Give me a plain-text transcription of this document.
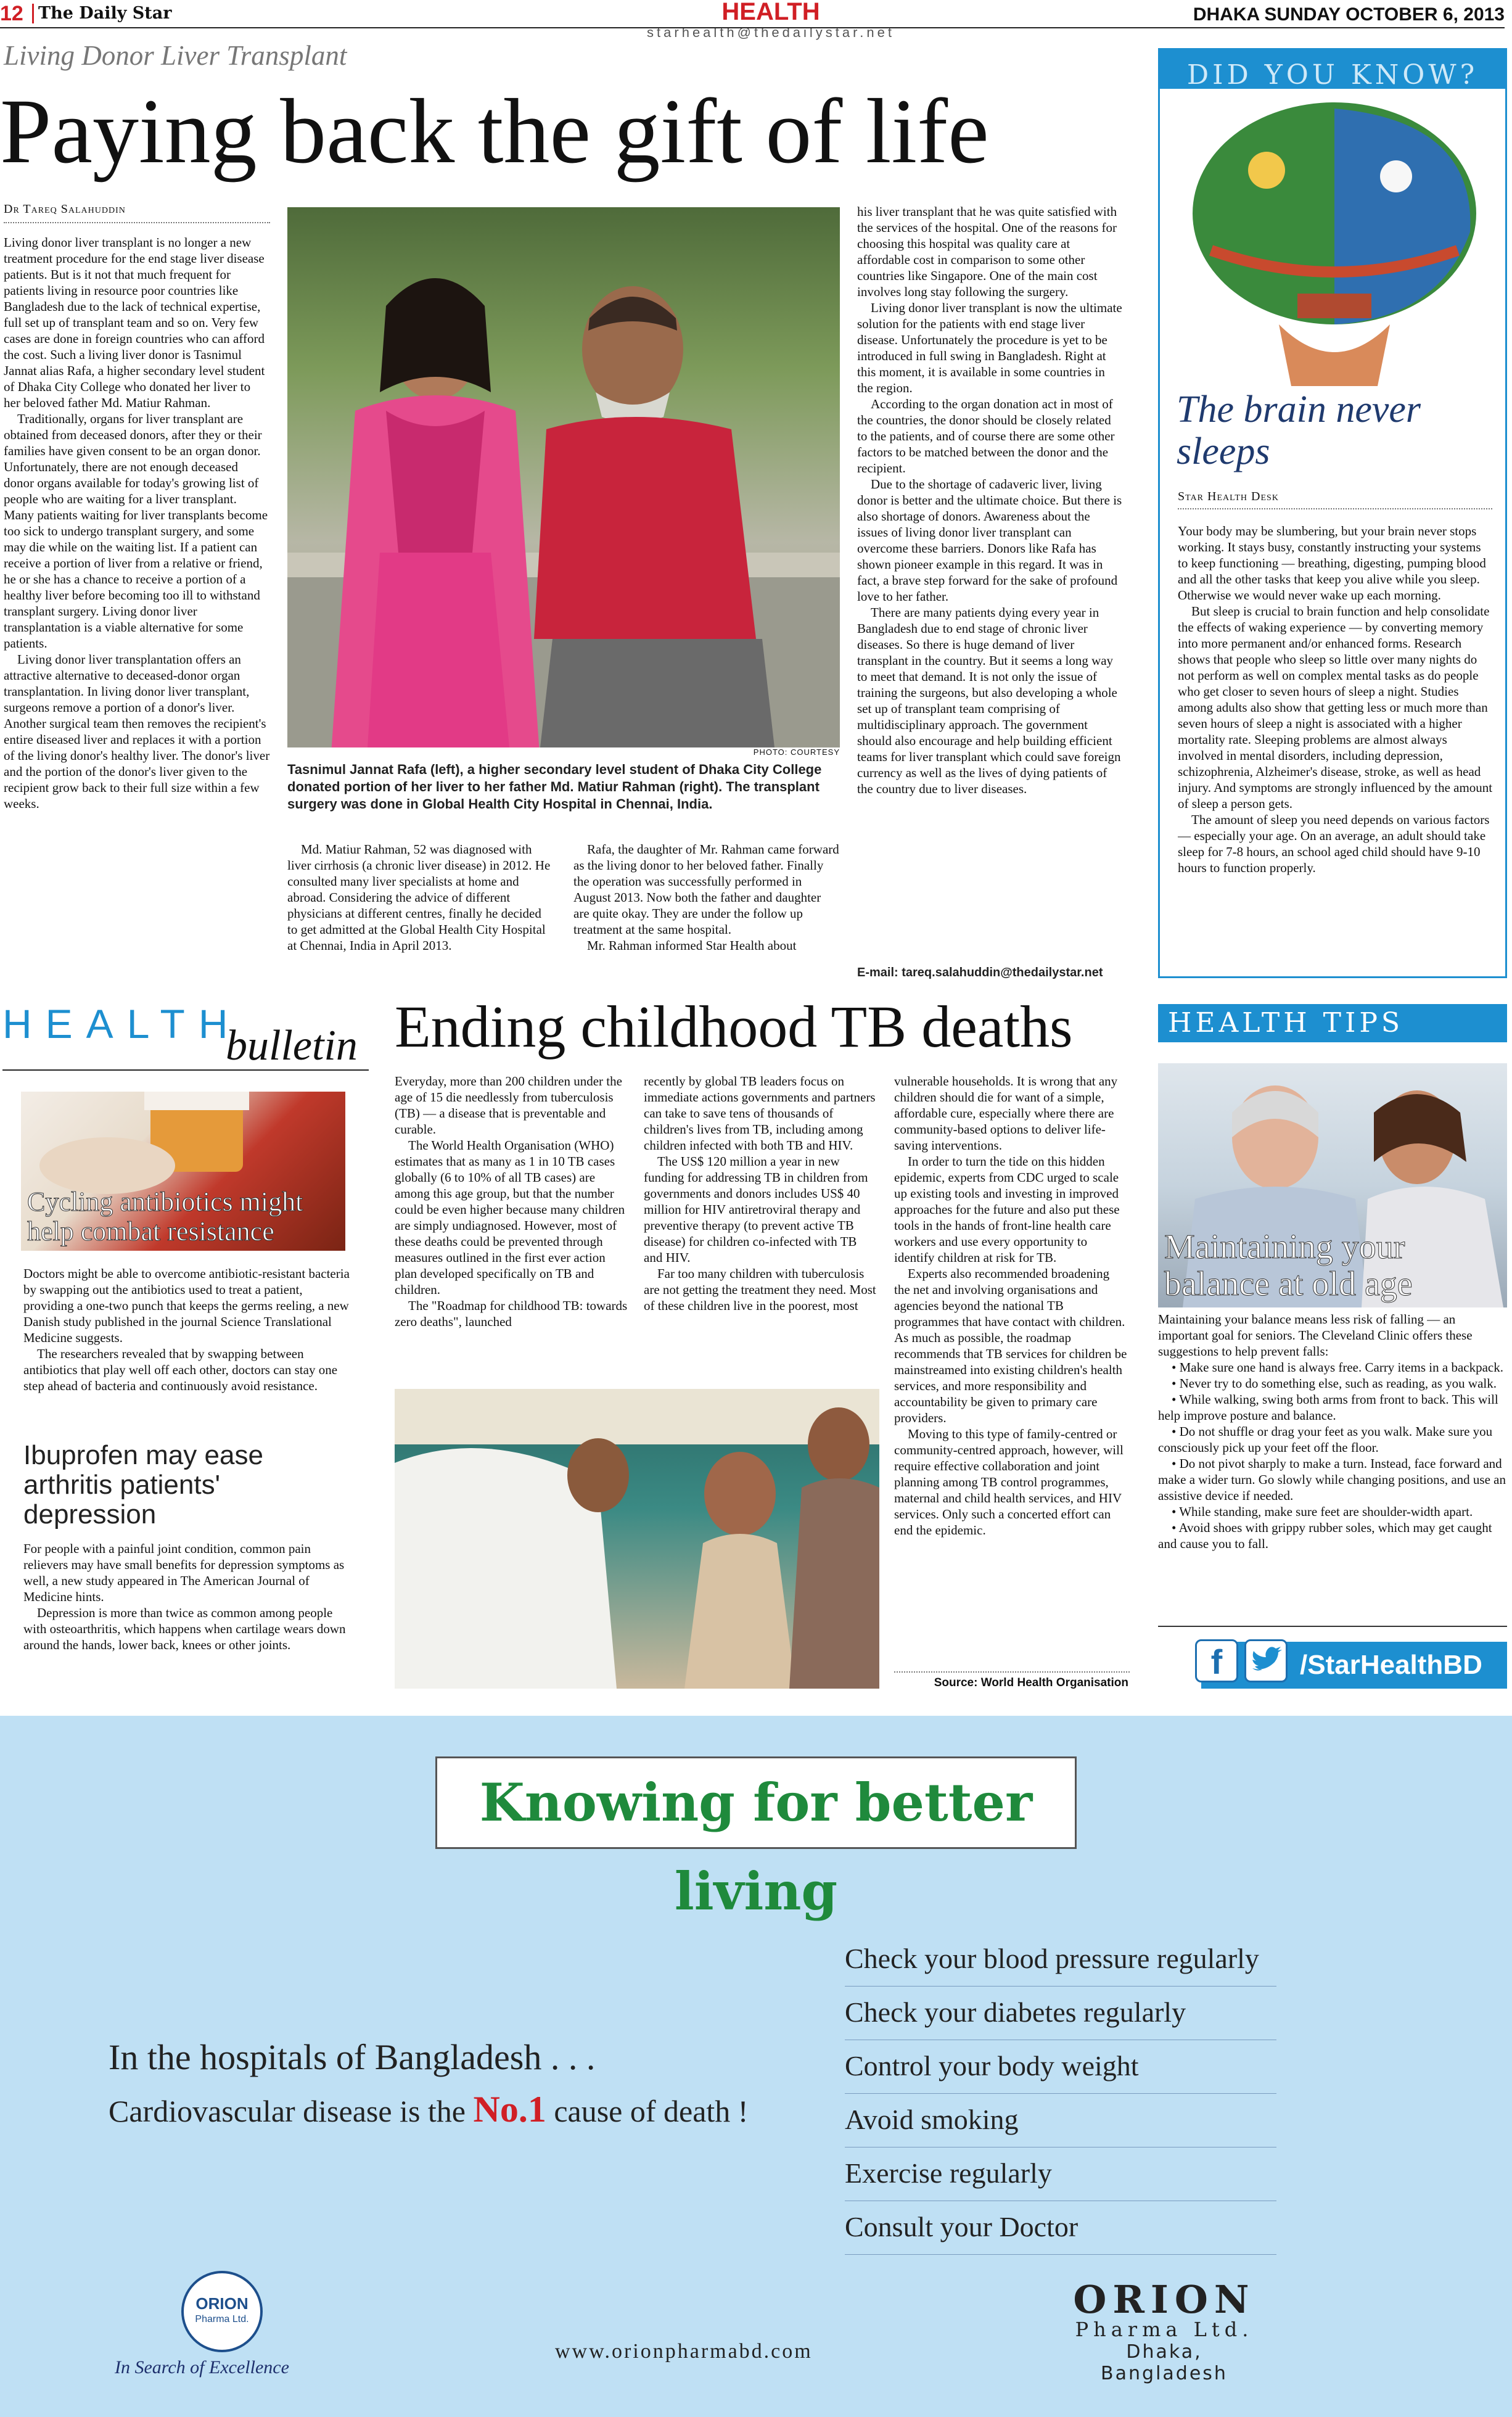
12 The Daily Star	HEALTH
starhealth@thedailystar.net
DHAKA SUNDAY OCTOBER 6, 2013
Living Donor Liver Transplant
Paying back the gift of life
Dr Tareq Salahuddin

Living donor liver transplant is no longer a new treatment procedure for the end stage liver disease patients. But is it not that much frequent for patients living in resource poor countries like Bangladesh due to the lack of technical expertise, full set up of transplant team and so on. Very few cases are done in foreign countries who can afford the cost. Such a living liver donor is Tasnimul Jannat alias Rafa, a higher secondary level student of Dhaka City College who donated her liver to her beloved father Md. Matiur Rahman.

Traditionally, organs for liver transplant are obtained from deceased donors, after they or their families have given consent to be an organ donor. Unfortunately, there are not enough deceased donor organs available for today's growing list of people who are waiting for a liver transplant. Many patients waiting for liver transplants become too sick to undergo transplant surgery, and some may die while on the waiting list. If a patient can receive a portion of liver from a relative or friend, he or she has a chance to receive a portion of a healthy liver before becoming too ill to withstand transplant surgery. Living donor liver transplantation is a viable alternative for some patients.

Living donor liver transplantation offers an attractive alternative to deceased-donor organ transplantation. In living donor liver transplant, surgeons remove a portion of a donor's liver. Another surgical team then removes the recipient's entire diseased liver and replaces it with a portion of the living donor's healthy liver. The donor's liver and the portion of the donor's liver given to the recipient grow back to their full size within a few weeks.

PHOTO: COURTESY
Tasnimul Jannat Rafa (left), a higher secondary level student of Dhaka City College donated portion of her liver to her father Md. Matiur Rahman (right). The transplant surgery was done in Global Health City Hospital in Chennai, India.

Md. Matiur Rahman, 52 was diagnosed with liver cirrhosis (a chronic liver disease) in 2012. He consulted many liver specialists at home and abroad. Considering the advice of different physicians at different centres, finally he decided to get admitted at the Global Health City Hospital at Chennai, India in April 2013.

Rafa, the daughter of Mr. Rahman came forward as the living donor to her beloved father. Finally the operation was successfully performed in August 2013. Now both the father and daughter are quite okay. They are under the follow up treatment at the same hospital.

Mr. Rahman informed Star Health about

his liver transplant that he was quite satisfied with the services of the hospital. One of the reasons for choosing this hospital was quality care at affordable cost in comparison to some other countries like Singapore. One of the main cost involves long stay following the surgery.

Living donor liver transplant is now the ultimate solution for the patients with end stage liver disease. Unfortunately the procedure is yet to be introduced in full swing in Bangladesh. Right at this moment, it is available in some countries in the region.

According to the organ donation act in most of the countries, the donor should be closely related to the patients, and of course there are some other factors to be matched between the donor and the recipient.

Due to the shortage of cadaveric liver, living donor is better and the ultimate choice. But there is also shortage of donors. Awareness about the issues of living donor liver transplant can overcome these barriers. Donors like Rafa has shown pioneer example in this regard. It was in fact, a brave step forward for the sake of profound love to her father.

There are many patients dying every year in Bangladesh due to end stage of chronic liver diseases. So there is huge demand of liver transplant in the country. But it seems a long way to meet that demand. It is not only the issue of training the surgeons, but also developing a whole set up of transplant team comprising of multidisciplinary approach. The government should also encourage and help building efficient teams for liver transplant which could save foreign currency as well as the lives of dying patients of the country due to liver diseases.

E-mail: tareq.salahuddin@thedailystar.net
DID YOU KNOW?
The brain never sleeps
Star Health Desk

Your body may be slumbering, but your brain never stops working. It stays busy, constantly instructing your systems to keep functioning — breathing, digesting, pumping blood and all the other tasks that keep you alive while you sleep. Otherwise we would never wake up each morning.

But sleep is crucial to brain function and help consolidate the effects of waking experience — by converting memory into more permanent and/or enhanced forms. Research shows that people who sleep so little over many nights do not perform as well on complex mental tasks as do people who get closer to seven hours of sleep a night. Studies among adults also show that getting less or much more than seven hours of sleep a night is associated with a higher mortality rate. Sleeping problems are almost always involved in mental disorders, including depression, schizophrenia, Alzheimer's disease, stroke, as well as head injury. And symptoms are strongly influenced by the amount of sleep a person gets.

The amount of sleep you need depends on various factors — especially your age. On an average, an adult should take sleep for 7-8 hours, an school aged child should have 9-10 hours to function properly.

HEALTH
bulletin
Cycling antibiotics might help combat resistance

Doctors might be able to overcome antibiotic-resistant bacteria by swapping out the antibiotics used to treat a patient, providing a one-two punch that keeps the germs reeling, a new Danish study published in the journal Science Translational Medicine suggests.

The researchers revealed that by swapping between antibiotics that play well off each other, doctors can stay one step ahead of bacteria and continuously avoid resistance.

Ibuprofen may ease arthritis patients' depression

For people with a painful joint condition, common pain relievers may have small benefits for depression symptoms as well, a new study appeared in The American Journal of Medicine hints.

Depression is more than twice as common among people with osteoarthritis, which happens when cartilage wears down around the hands, lower back, knees or other joints.

Ending childhood TB deaths

Everyday, more than 200 children under the age of 15 die needlessly from tuberculosis (TB) — a disease that is preventable and curable.

The World Health Organisation (WHO) estimates that as many as 1 in 10 TB cases globally (6 to 10% of all TB cases) are among this age group, but that the number could be even higher because many children are simply undiagnosed. However, most of these deaths could be prevented through measures outlined in the first ever action plan developed specifically on TB and children.

The "Roadmap for childhood TB: towards zero deaths", launched

recently by global TB leaders focus on immediate actions governments and partners can take to save tens of thousands of children's lives from TB, including among children infected with both TB and HIV.

The US$ 120 million a year in new funding for addressing TB in children from governments and donors includes US$ 40 million for HIV antiretroviral therapy and preventive therapy (to prevent active TB disease) for children co-infected with TB and HIV.

Far too many children with tuberculosis are not getting the treatment they need. Most of these children live in the poorest, most

vulnerable households. It is wrong that any children should die for want of a simple, affordable cure, especially where there are community-based options to deliver life-saving interventions.

In order to turn the tide on this hidden epidemic, experts from CDC urged to scale up existing tools and investing in improved approaches for the future and also put these tools in the hands of front-line health care workers and use every opportunity to identify children at risk for TB.

Experts also recommended broadening the net and involving organisations and agencies beyond the national TB programmes that have contact with children. As much as possible, the roadmap recommends that TB services for children be mainstreamed into existing children's health services, and more responsibility and accountability be given to primary care providers.

Moving to this type of family-centred or community-centred approach, however, will require effective collaboration and joint planning among TB control programmes, maternal and child health services, and HIV services. Only such a concerted effort can end the epidemic.

Source: World Health Organisation
HEALTH TIPS
Maintaining your balance at old age

Maintaining your balance means less risk of falling — an important goal for seniors. The Cleveland Clinic offers these suggestions to help prevent falls:

• Make sure one hand is always free. Carry items in a backpack.
• Never try to do something else, such as reading, as you walk.
• While walking, swing both arms from front to back. This will help improve posture and balance.
• Do not shuffle or drag your feet as you walk. Make sure you consciously pick up your feet off the floor.
• Do not pivot sharply to make a turn. Instead, face forward and make a wider turn. Go slowly while changing positions, and use an assistive device if needed.
• While standing, make sure feet are shoulder-width apart.
• Avoid shoes with grippy rubber soles, which may get caught and cause you to fall.
f	/StarHealthBD
Knowing for better living
In the hospitals of Bangladesh . . .
Cardiovascular disease is the No.1 cause of death !
Check your blood pressure regularly
Check your diabetes regularly
Control your body weight
Avoid smoking
Exercise regularly
Consult your Doctor
ORION
Pharma Ltd.
In Search of Excellence
www.orionpharmabd.com
ORION
Pharma Ltd.
Dhaka, Bangladesh
